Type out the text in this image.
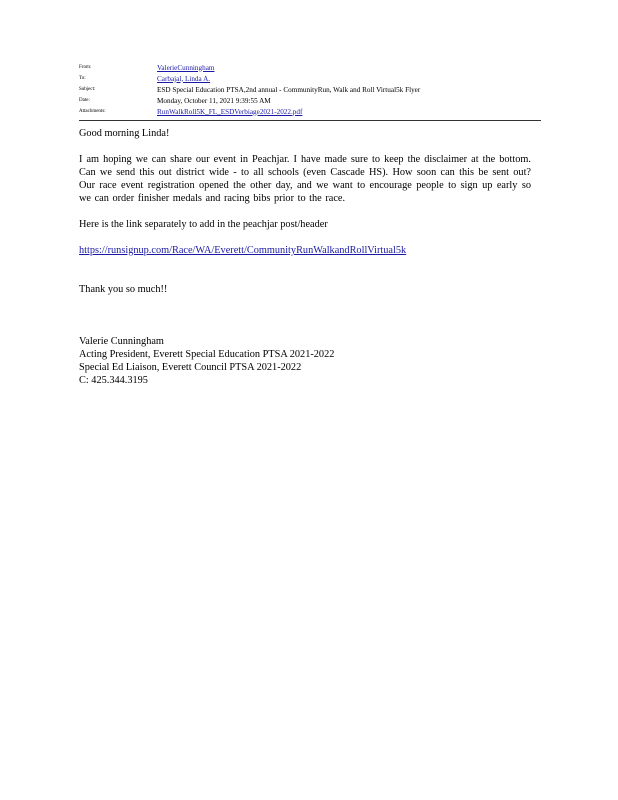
From:	ValerieCunningham
To:	Carbajal, Linda A.
Subject:	ESD Special Education PTSA,2nd annual - CommunityRun, Walk and Roll Virtual5k Flyer
Date:	Monday, October 11, 2021 9:39:55 AM
Attachments:	RunWalkRoll5K_FL_ESDVerbiage2021-2022.pdf

Good morning Linda!

I am hoping we can share our event in Peachjar. I have made sure to keep the disclaimer at the bottom. Can we send this out district wide - to all schools (even Cascade HS). How soon can this be sent out? Our race event registration opened the other day, and we want to encourage people to sign up early so we can order finisher medals and racing bibs prior to the race.

Here is the link separately to add in the peachjar post/header

https://runsignup.com/Race/WA/Everett/CommunityRunWalkandRollVirtual5k

Thank you so much!!

Valerie Cunningham

Acting President, Everett Special Education PTSA 2021-2022

Special Ed Liaison, Everett Council PTSA 2021-2022

C: 425.344.3195
